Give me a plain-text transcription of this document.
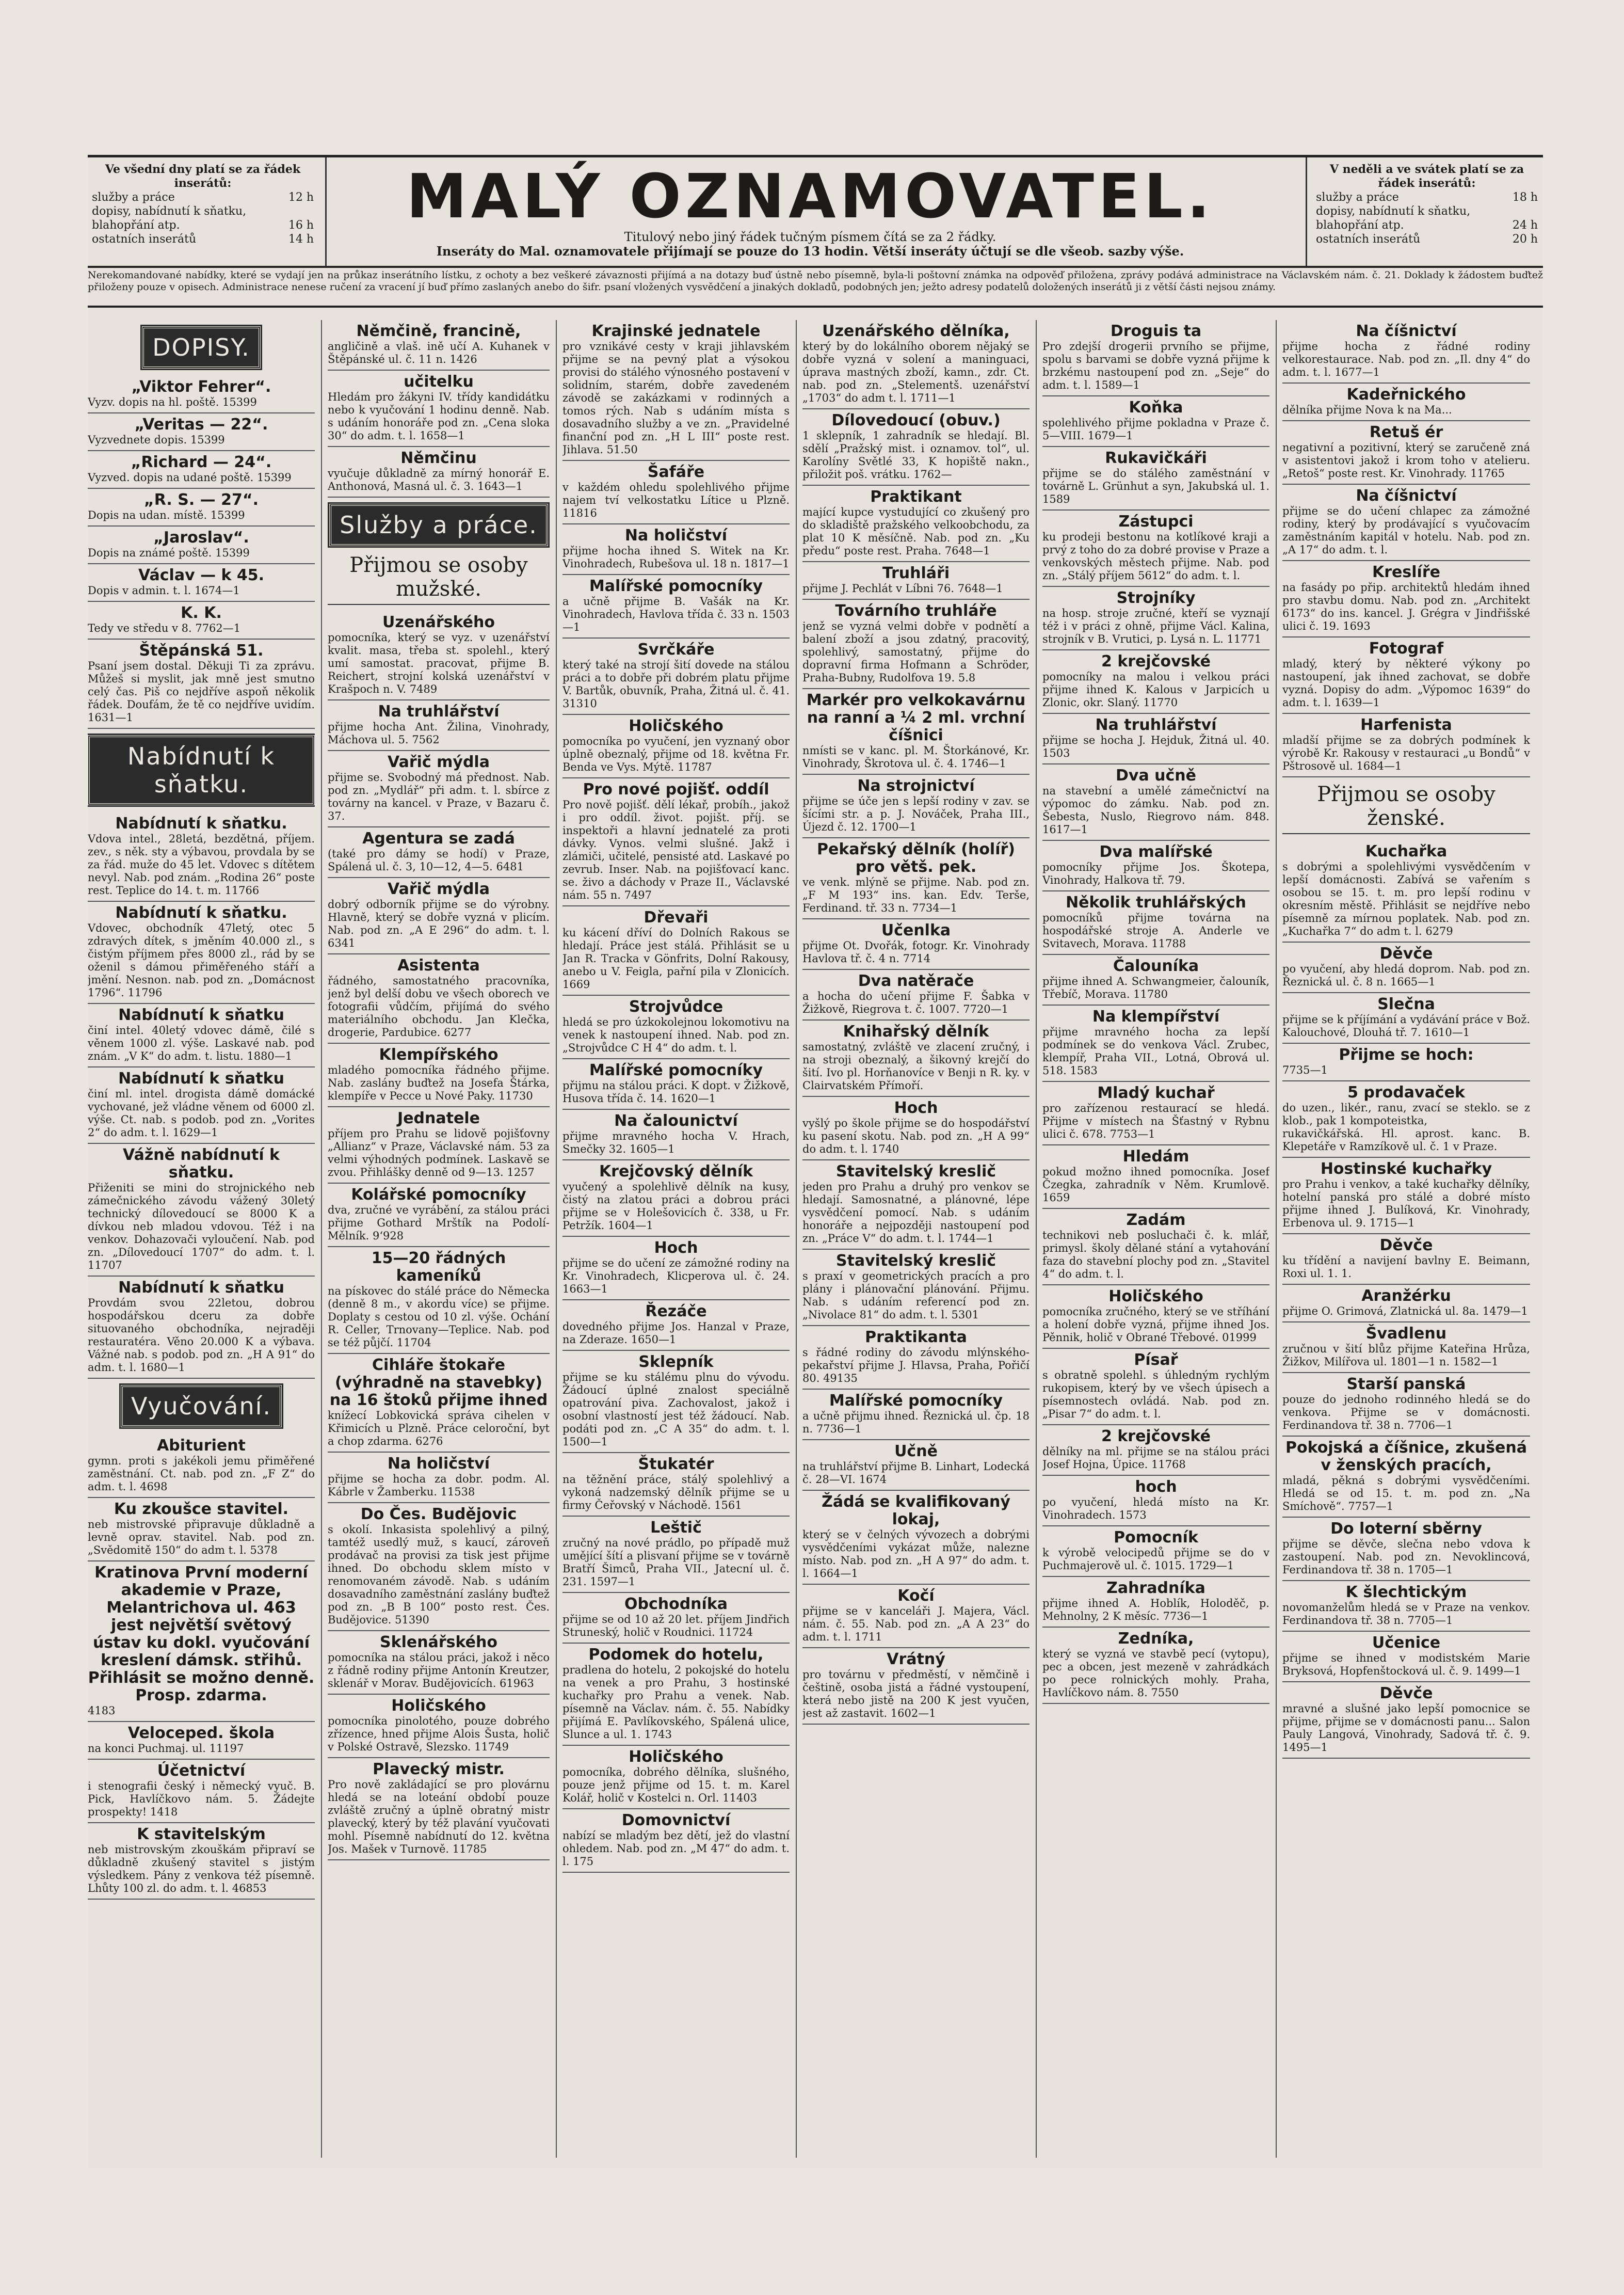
Ve všední dny platí se za řádek inserátů:
služby a práce	12 h
dopisy, nabídnutí k sňatku,
blahopřání atp.	16 h
ostatních inserátů	14 h
MALÝ OZNAMOVATEL.
Titulový nebo jiný řádek tučným písmem čítá se za 2 řádky.
Inseráty do Mal. oznamovatele přijímají se pouze do 13 hodin. Větší inseráty účtují se dle všeob. sazby výše.
V neděli a ve svátek platí se za řádek inserátů:
služby a práce	18 h
dopisy, nabídnutí k sňatku,
blahopřání atp.	24 h
ostatních inserátů	20 h
Nerekomandované nabídky, které se vydají jen na průkaz inserátního lístku, z ochoty a bez veškeré závaznosti přijímá a na dotazy buď ústně nebo písemně, byla-li poštovní známka na odpověď přiložena, zprávy podává administrace na Václavském nám. č. 21. Doklady k žádostem buďtež přiloženy pouze v opisech. Administrace nenese ručení za vracení jí buď přímo zaslaných anebo do šifr. psaní vložených vysvědčení a jinakých dokladů, podobných jen; ježto adresy podatelů doložených inserátů ji z větší části nejsou známy.
DOPISY.
„Viktor Fehrer“.
Vyzv. dopis na hl. poště. 15399
„Veritas — 22“.
Vyzvednete dopis. 15399
„Richard — 24“.
Vyzved. dopis na udané poště. 15399
„R. S. — 27“.
Dopis na udan. místě. 15399
„Jaroslav“.
Dopis na známé poště. 15399
Václav — k 45.
Dopis v admin. t. l. 1674—1
K. K.
Tedy ve středu v 8. 7762—1
Štěpánská 51.
Psaní jsem dostal. Děkuji Ti za zprávu. Můžeš si myslit, jak mně jest smutno celý čas. Piš co nejdříve aspoň několik řádek. Doufám, že tě co nejdříve uvidím. 1631—1
Nabídnutí k sňatku.
Nabídnutí k sňatku.
Vdova intel., 28letá, bezdětná, příjem. zev., s něk. sty a výbavou, provdala by se za řád. muže do 45 let. Vdovec s dítětem nevyl. Nab. pod znám. „Rodina 26“ poste rest. Teplice do 14. t. m. 11766
Nabídnutí k sňatku.
Vdovec, obchodník 47letý, otec 5 zdravých dítek, s jměním 40.000 zl., s čistým příjmem přes 8000 zl., rád by se oženil s dámou přiměřeného stáří a jmění. Nesnon. nab. pod zn. „Domácnost 1796“. 11796
Nabídnutí k sňatku
činí intel. 40letý vdovec dámě, čilé s věnem 1000 zl. výše. Laskavé nab. pod znám. „V K“ do adm. t. listu. 1880—1
Nabídnutí k sňatku
činí ml. intel. drogista dámě domácké vychované, jež vládne věnem od 6000 zl. výše. Ct. nab. s podob. pod zn. „Vorites 2“ do adm. t. l. 1629—1
Vážně nabídnutí k sňatku.
Přiženiti se mini do strojnického neb zámečnického závodu vážený 30letý technický dílovedoucí se 8000 K a dívkou neb mladou vdovou. Též i na venkov. Dohazovači vyloučení. Nab. pod zn. „Dílovedoucí 1707“ do adm. t. l. 11707
Nabídnutí k sňatku
Provdám svou 22letou, dobrou hospodářskou dceru za dobře situovaného obchodníka, nejraději restauratéra. Věno 20.000 K a výbava. Vážné nab. s podob. pod zn. „H A 91“ do adm. t. l. 1680—1
Vyučování.
Abiturient
gymn. proti s jakékoli jemu přiměřené zaměstnání. Ct. nab. pod zn. „F Z“ do adm. t. l. 4698
Ku zkoušce stavitel.
neb mistrovské připravuje důkladně a levně oprav. stavitel. Nab. pod zn. „Svědomitě 150“ do adm t. l. 5378
Kratinova První moderní akademie v Praze, Melantrichova ul. 463 jest největší světový ústav ku dokl. vyučování kreslení dámsk. střihů. Přihlásit se možno denně. Prosp. zdarma.
4183
Veloceped. škola
na konci Puchmaj. ul. 11197
Účetnictví
i stenografii český i německý vyuč. B. Pick, Havlíčkovo nám. 5. Žádejte prospekty! 1418
K stavitelským
neb mistrovským zkouškám připraví se důkladně zkušený stavitel s jistým výsledkem. Pány z venkova též písemně. Lhůty 100 zl. do adm. t. l. 46853
Němčině, francině,
angličině a vlaš. ině učí A. Kuhanek v Štěpánské ul. č. 11 n. 1426
učitelku
Hledám pro žákyni IV. třídy kandidátku nebo k vyučování 1 hodinu denně. Nab. s udáním honoráře pod zn. „Cena sloka 30“ do adm. t. l. 1658—1
Němčinu
vyučuje důkladně za mírný honorář E. Anthonová, Masná ul. č. 3. 1643—1
Služby a práce.
Přijmou se osoby mužské.
Uzenářského
pomocníka, který se vyz. v uzenářství kvalit. masa, třeba st. spolehl., který umí samostat. pracovat, přijme B. Reichert, strojní kolská uzenářství v Krašpoch n. V. 7489
Na truhlářství
přijme hocha Ant. Žilina, Vinohrady, Máchova ul. 5. 7562
Vařič mýdla
přijme se. Svobodný má přednost. Nab. pod zn. „Mydlář“ při adm. t. l. sbírce z továrny na kancel. v Praze, v Bazaru č. 37.
Agentura se zadá
(také pro dámy se hodí) v Praze, Spálená ul. č. 3, 10—12, 4—5. 6481
Vařič mýdla
dobrý odborník přijme se do výrobny. Hlavně, který se dobře vyzná v plicím. Nab. pod zn. „A E 296“ do adm. t. l. 6341
Asistenta
řádného, samostatného pracovníka, jenž byl delší dobu ve všech oborech ve fotografii vůdčím, přijímá do svého materiálního obchodu. Jan Klečka, drogerie, Pardubice. 6277
Klempířského
mladého pomocníka řádného přijme. Nab. zaslány buďtež na Josefa Štárka, klempíře v Pecce u Nové Paky. 11730
Jednatele
příjem pro Prahu se lidově pojišťovny „Allianz“ v Praze, Václavské nám. 53 za velmi výhodných podmínek. Laskavě se zvou. Přihlášky denně od 9—13. 1257
Kolářské pomocníky
dva, zručné ve vyrábění, za stálou práci přijme Gothard Mrštík na Podolí-Mělník. 9‘928
15—20 řádných kameníků
na pískovec do stálé práce do Německa (denně 8 m., v akordu více) se přijme. Doplaty s cestou od 10 zl. výše. Ochání R. Celler, Trnovany—Teplice. Nab. pod se též půjčí. 11704
Cihláře štokaře (výhradně na stavebky) na 16 štoků přijme ihned
knížecí Lobkovická správa cihelen v Křimicích u Plzně. Práce celoroční, byt a chop zdarma. 6276
Na holičství
přijme se hocha za dobr. podm. Al. Kábrle v Žamberku. 11538
Do Čes. Budějovic
s okolí. Inkasista spolehlivý a pilný, tamtéž usedlý muž, s kaucí, zároveň prodávač na provisi za tisk jest přijme ihned. Do obchodu sklem místo v renomovaném závodě. Nab. s udáním dosavadního zaměstnání zaslány buďtež pod zn. „B B 100“ posto rest. Čes. Budějovice. 51390
Sklenářského
pomocníka na stálou práci, jakož i něco z řádně rodiny přijme Antonín Kreutzer, sklenář v Morav. Budějovicích. 61963
Holičského
pomocníka pinolotého, pouze dobrého zřízence, hned přijme Alois Šusta, holič v Polské Ostravě, Slezsko. 11749
Plavecký mistr.
Pro nově zakládající se pro plovárnu hledá se na loteání období pouze zvláště zručný a úplně obratný mistr plavecký, který by též plavání vyučovati mohl. Písemně nabídnutí do 12. května Jos. Mašek v Turnově. 11785
Krajinské jednatele
pro vznikávé cesty v kraji jihlavském přijme se na pevný plat a výsokou provisi do stálého výnosného postavení v solidním, starém, dobře zavedeném závodě se zakázkami v rodinných a tomos rých. Nab s udáním místa s dosavadního služby a ve zn. „Pravidelné finanční pod zn. „H L III“ poste rest. Jihlava. 51.50
Šafáře
v každém ohledu spolehlivého přijme najem tví velkostatku Lítice u Plzně. 11816
Na holičství
přijme hocha ihned S. Witek na Kr. Vinohradech, Rubešova ul. 18 n. 1817—1
Malířské pomocníky
a učně přijme B. Vašák na Kr. Vinohradech, Havlova třída č. 33 n. 1503—1
Svrčkáře
který také na strojí šití dovede na stálou práci a to dobře při dobrém platu přijme V. Bartůk, obuvník, Praha, Žitná ul. č. 41. 31310
Holičského
pomocníka po vyučení, jen vyznaný obor úplně obeznalý, přijme od 18. května Fr. Benda ve Vys. Mýtě. 11787
Pro nové pojišť. oddíl
Pro nově pojišť. dělí lékař, probíh., jakož i pro oddíl. život. pojišt. příj. se inspektoři a hlavní jednatelé za proti dávky. Vynos. velmi slušné. Jakž i zlámiči, učitelé, pensisté atd. Laskavé po zevrub. Inser. Nab. na pojišťovací kanc. se. živo a dáchody v Praze II., Václavské nám. 55 n. 7497
Dřevaři
ku kácení dříví do Dolních Rakous se hledají. Práce jest stálá. Přihlásit se u Jan R. Tracka v Gönfrits, Dolní Rakousy, anebo u V. Feigla, pařní pila v Zlonicích. 1669
Strojvůdce
hledá se pro úzkokolejnou lokomotivu na venek k nastoupení ihned. Nab. pod zn. „Strojvůdce C H 4“ do adm. t. l.
Malířské pomocníky
přijmu na stálou práci. K dopt. v Žižkově, Husova třída č. 14. 1620—1
Na čalounictví
přijme mravného hocha V. Hrach, Smečky 32. 1605—1
Krejčovský dělník
vyučený a spolehlivě dělník na kusy, čistý na zlatou práci a dobrou práci přijme se v Holešovicích č. 338, u Fr. Petržík. 1604—1
Hoch
přijme se do učení ze zámožné rodiny na Kr. Vinohradech, Klicperova ul. č. 24. 1663—1
Řezáče
dovedného přijme Jos. Hanzal v Praze, na Zderaze. 1650—1
Sklepník
přijme se ku stálému plnu do vývodu. Žádoucí úplné znalost speciálně opatrování piva. Zachovalost, jakož i osobní vlastností jest též žádoucí. Nab. podáti pod zn. „C A 35“ do adm. t. l. 1500—1
Štukatér
na těžnění práce, stálý spolehlivý a vykoná nadzemský dělník přijme se u firmy Čeřovský v Náchodě. 1561
Leštič
zručný na nové prádlo, po případě muž umějící šítí a plisvaní přijme se v továrně Bratří Šimců, Praha VII., Jatecní ul. č. 231. 1597—1
Obchodníka
přijme se od 10 až 20 let. příjem Jindřich Struneský, holič v Roudnici. 11724
Podomek do hotelu,
pradlena do hotelu, 2 pokojské do hotelu na venek a pro Prahu, 3 hostinské kuchařky pro Prahu a venek. Nab. písemně na Václav. nám. č. 55. Nabídky přijímá E. Pavlíkovského, Spálená ulice, Slunce a ul. 1. 1743
Holičského
pomocníka, dobrého dělníka, slušného, pouze jenž přijme od 15. t. m. Karel Kolář, holič v Kostelci n. Orl. 11403
Domovnictví
nabízí se mladým bez dětí, jež do vlastní ohledem. Nab. pod zn. „M 47“ do adm. t. l. 175
Uzenářského dělníka,
který by do lokálního oborem nějaký se dobře vyzná v solení a maninguaci, úprava mastných zboží, kamn., zdr. Ct. nab. pod zn. „Stelementš. uzenářství „1703“ do adm t. l. 1711—1
Dílovedoucí (obuv.)
1 sklepník, 1 zahradník se hledají. Bl. sdělí „Pražský mist. i oznamov. tol“, ul. Karolíny Světlé 33, K hopiště nakn., přiložit poš. vrátku. 1762—
Praktikant
mající kupce vystudující co zkušený pro do skladiště pražského velkoobchodu, za plat 10 K měsíčně. Nab. pod zn. „Ku předu“ poste rest. Praha. 7648—1
Truhláři
přijme J. Pechlát v Líbni 76. 7648—1
Továrního truhláře
jenž se vyzná velmi dobře v podnětí a balení zboží a jsou zdatný, pracovitý, spolehlivý, samostatný, přijme do dopravní firma Hofmann a Schröder, Praha-Bubny, Rudolfova 19. 5.8
Markér pro velkokavárnu na ranní a ¼ 2 ml. vrchní číšnici
nmísti se v kanc. pl. M. Štorkánové, Kr. Vinohrady, Škrotova ul. č. 4. 1746—1
Na strojnictví
přijme se úče jen s lepší rodiny v zav. se šícími str. a p. J. Nováček, Praha III., Újezd č. 12. 1700—1
Pekařský dělník (holíř) pro větš. pek.
ve venk. mlýně se přijme. Nab. pod zn. „F M 193“ ins. kan. Edv. Terše, Ferdinand. tř. 33 n. 7734—1
Učenlka
přijme Ot. Dvořák, fotogr. Kr. Vinohrady Havlova tř. č. 4 n. 7714
Dva natěrače
a hocha do učení přijme F. Šabka v Žižkově, Riegrova t. č. 1007. 7720—1
Knihařský dělník
samostatný, zvláště ve zlacení zručný, i na stroji obeznalý, a šikovný krejčí do šití. Ivo pl. Horňanovíce v Benji n R. ky. v Clairvatském Přímoří.
Hoch
vyšlý po škole přijme se do hospodářství ku pasení skotu. Nab. pod zn. „H A 99“ do adm. t. l. 1740
Stavitelský kreslič
jeden pro Prahu a druhý pro venkov se hledají. Samosnatné, a plánovné, lépe vysvědčení pomocí. Nab. s udáním honoráře a nejpozději nastoupení pod zn. „Práce V“ do adm. t. l. 1744—1
Stavitelský kreslič
s praxí v geometrických pracích a pro plány i plánovační plánování. Přijmu. Nab. s udáním referencí pod zn. „Nivolace 81“ do adm. t. l. 5301
Praktikanta
s řádné rodiny do závodu mlýnského-pekařství přijme J. Hlavsa, Praha, Pořičí 80. 49135
Malířské pomocníky
a učně přijmu ihned. Řeznická ul. čp. 18 n. 7736—1
Učně
na truhlářství přijme B. Linhart, Lodecká č. 28—VI. 1674
Žádá se kvalifikovaný lokaj,
který se v čelných vývozech a dobrými vysvědčeními vykázat může, nalezne místo. Nab. pod zn. „H A 97“ do adm. t. l. 1664—1
Kočí
přijme se v kanceláři J. Majera, Václ. nám. č. 55. Nab. pod zn. „A A 23“ do adm. t. l. 1711
Vrátný
pro továrnu v předměstí, v němčině i češtině, osoba jistá a řádné vystoupení, která nebo jistě na 200 K jest vyučen, jest až zastavit. 1602—1
Droguis ta
Pro zdejší drogerii prvního se přijme, spolu s barvami se dobře vyzná přijme k brzkému nastoupení pod zn. „Seje“ do adm. t. l. 1589—1
Koňka
spolehlivého přijme pokladna v Praze č. 5—VIII. 1679—1
Rukavičkáři
přijme se do stálého zaměstnání v továrně L. Grünhut a syn, Jakubská ul. 1. 1589
Zástupci
ku prodeji bestonu na kotlíkové kraji a prvý z toho do za dobré provise v Praze a venkovských městech přijme. Nab. pod zn. „Stálý příjem 5612“ do adm. t. l.
Strojníky
na hosp. stroje zručné, kteří se vyznají též i v práci z ohně, přijme Václ. Kalina, strojník v B. Vrutici, p. Lysá n. L. 11771
2 krejčovské
pomocníky na malou i velkou práci přijme ihned K. Kalous v Jarpicích u Zlonic, okr. Slaný. 11770
Na truhlářství
přijme se hocha J. Hejduk, Žitná ul. 40. 1503
Dva učně
na stavební a umělé zámečnictví na výpomoc do zámku. Nab. pod zn. Šebesta, Nuslo, Riegrovo nám. 848. 1617—1
Dva malířské
pomocníky přijme Jos. Škotepa, Vinohrady, Halkova tř. 79.
Několik truhlářských
pomocníků přijme továrna na hospodářské stroje A. Anderle ve Svitavech, Morava. 11788
Čalouníka
přijme ihned A. Schwangmeier, čalouník, Třebíč, Morava. 11780
Na klempířství
přijme mravného hocha za lepší podmínek se do venkova Václ. Zrubec, klempíř, Praha VII., Lotná, Obrová ul. 518. 1583
Mladý kuchař
pro zařízenou restaurací se hledá. Přijme v místech na Šťastný v Rybnu ulici č. 678. 7753—1
Hledám
pokud možno ihned pomocníka. Josef Čzegka, zahradník v Něm. Krumlově. 1659
Zadám
technikovi neb posluchači č. k. mlář, primysl. školy dělané stání a vytahování faza do stavební plochy pod zn. „Stavitel 4“ do adm. t. l.
Holičského
pomocníka zručného, který se ve stříhání a holení dobře vyzná, přijme ihned Jos. Pěnnik, holič v Obrané Třebové. 01999
Písař
s obratně spolehl. s úhledným rychlým rukopisem, který by ve všech úpisech a písemnostech ovládá. Nab. pod zn. „Pisar 7“ do adm. t. l.
2 krejčovské
dělníky na ml. přijme se na stálou práci Josef Hojna, Úpice. 11768
hoch
po vyučení, hledá místo na Kr. Vinohradech. 1573
Pomocník
k výrobě velocipedů přijme se do v Puchmajerově ul. č. 1015. 1729—1
Zahradníka
přijme ihned A. Hoblík, Holoděč, p. Mehnolny, 2 K měsíc. 7736—1
Zedníka,
který se vyzná ve stavbě pecí (vytopu), pec a obcen, jest mezeně v zahrádkách po pece rolnických mohly. Praha, Havlíčkovo nám. 8. 7550
Na číšnictví
přijme hocha z řádné rodiny velkorestaurace. Nab. pod zn. „Il. dny 4“ do adm. t. l. 1677—1
Kadeřnického
dělníka přijme Nova k na Ma...
Retuš ér
negativní a pozitivní, který se zaručeně zná v asistentovi jakož i krom toho v atelieru. „Retoš“ poste rest. Kr. Vinohrady. 11765
Na číšnictví
přijme se do učení chlapec za zámožné rodiny, který by prodávající s vyučovacím zaměstnáním kapitál v hotelu. Nab. pod zn. „A 17“ do adm. t. l.
Kreslíře
na fasády po přip. architektů hledám ihned pro stavbu domu. Nab. pod zn. „Architekt 6173“ do ins. kancel. J. Grégra v Jindřišské ulici č. 19. 1693
Fotograf
mladý, který by některé výkony po nastoupení, jak ihned zachovat, se dobře vyzná. Dopisy do adm. „Výpomoc 1639“ do adm. t. l. 1639—1
Harfenista
mladší přijme se za dobrých podmínek k výrobě Kr. Rakousy v restauraci „u Bondů“ v Pštrosově ul. 1684—1
Přijmou se osoby ženské.
Kuchařka
s dobrými a spolehlivými vysvědčením v lepší domácnosti. Zabívá se vařením s osobou se 15. t. m. pro lepší rodinu v okresním městě. Přihlásit se nejdříve nebo písemně za mírnou poplatek. Nab. pod zn. „Kuchařka 7“ do adm t. l. 6279
Děvče
po vyučení, aby hledá doprom. Nab. pod zn. Řeznická ul. č. 8 n. 1665—1
Slečna
přijme se k příjímání a vydávání práce v Bož. Kalouchové, Dlouhá tř. 7. 1610—1
Přijme se hoch:
7735—1
5 prodavaček
do uzen., likér., ranu, zvací se steklo. se z klob., pak 1 kompoteistka,
rukavičkářská. Hl. aprost. kanc. B. Klepetáře v Ramzíkově ul. č. 1 v Praze.
Hostinské kuchařky
pro Prahu i venkov, a také kuchařky dělníky, hotelní panská pro stálé a dobré místo přijme ihned J. Bulíková, Kr. Vinohrady, Erbenova ul. 9. 1715—1
Děvče
ku třídění a navijení bavlny E. Beimann, Roxi ul. 1. 1.
Aranžérku
přijme O. Grimová, Zlatnická ul. 8a. 1479—1
Švadlenu
zručnou v šití blůz přijme Kateřina Hrůza, Žižkov, Milířova ul. 1801—1 n. 1582—1
Starší panská
pouze do jednoho rodinného hledá se do venkova. Přijme se v domácnosti. Ferdinandova tř. 38 n. 7706—1
Pokojská a číšnice, zkušená v ženských pracích,
mladá, pěkná s dobrými vysvědčeními. Hledá se od 15. t. m. pod zn. „Na Smíchově“. 7757—1
Do loterní sběrny
přijme se děvče, slečna nebo vdova k zastoupení. Nab. pod zn. Nevoklincová, Ferdinandova tř. 38 n. 1705—1
K šlechtickým
novomanželům hledá se v Praze na venkov. Ferdinandova tř. 38 n. 7705—1
Učenice
přijme se ihned v modistském Marie Bryksová, Hopfenštocková ul. č. 9. 1499—1
Děvče
mravné a slušné jako lepší pomocnice se přijme, přijme se v domácnosti panu... Salon Pauly Langová, Vinohrady, Sadová tř. č. 9. 1495—1
